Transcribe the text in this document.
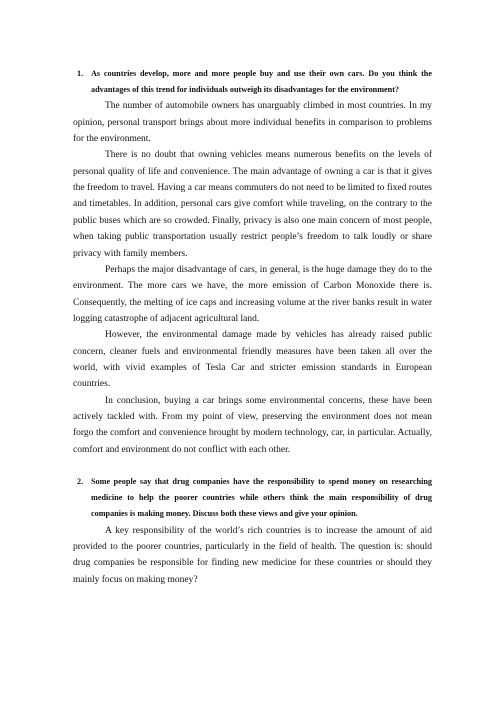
1. As countries develop, more and more people buy and use their own cars. Do you think the advantages of this trend for individuals outweigh its disadvantages for the environment?

The number of automobile owners has unarguably climbed in most countries. In my opinion, personal transport brings about more individual benefits in comparison to problems for the environment.

There is no doubt that owning vehicles means numerous benefits on the levels of personal quality of life and convenience. The main advantage of owning a car is that it gives the freedom to travel. Having a car means commuters do not need to be limited to fixed routes and timetables. In addition, personal cars give comfort while traveling, on the contrary to the public buses which are so crowded. Finally, privacy is also one main concern of most people, when taking public transportation usually restrict people’s freedom to talk loudly or share privacy with family members.

Perhaps the major disadvantage of cars, in general, is the huge damage they do to the environment. The more cars we have, the more emission of Carbon Monoxide there is. Consequently, the melting of ice caps and increasing volume at the river banks result in water logging catastrophe of adjacent agricultural land.

However, the environmental damage made by vehicles has already raised public concern, cleaner fuels and environmental friendly measures have been taken all over the world, with vivid examples of Tesla Car and stricter emission standards in European countries.

In conclusion, buying a car brings some environmental concerns, these have been actively tackled with. From my point of view, preserving the environment does not mean forgo the comfort and convenience brought by modern technology, car, in particular. Actually, comfort and environment do not conflict with each other.

2. Some people say that drug companies have the responsibility to spend money on researching medicine to help the poorer countries while others think the main responsibility of drug companies is making money. Discuss both these views and give your opinion.

A key responsibility of the world’s rich countries is to increase the amount of aid provided to the poorer countries, particularly in the field of health. The question is: should drug companies be responsible for finding new medicine for these countries or should they mainly focus on making money?
